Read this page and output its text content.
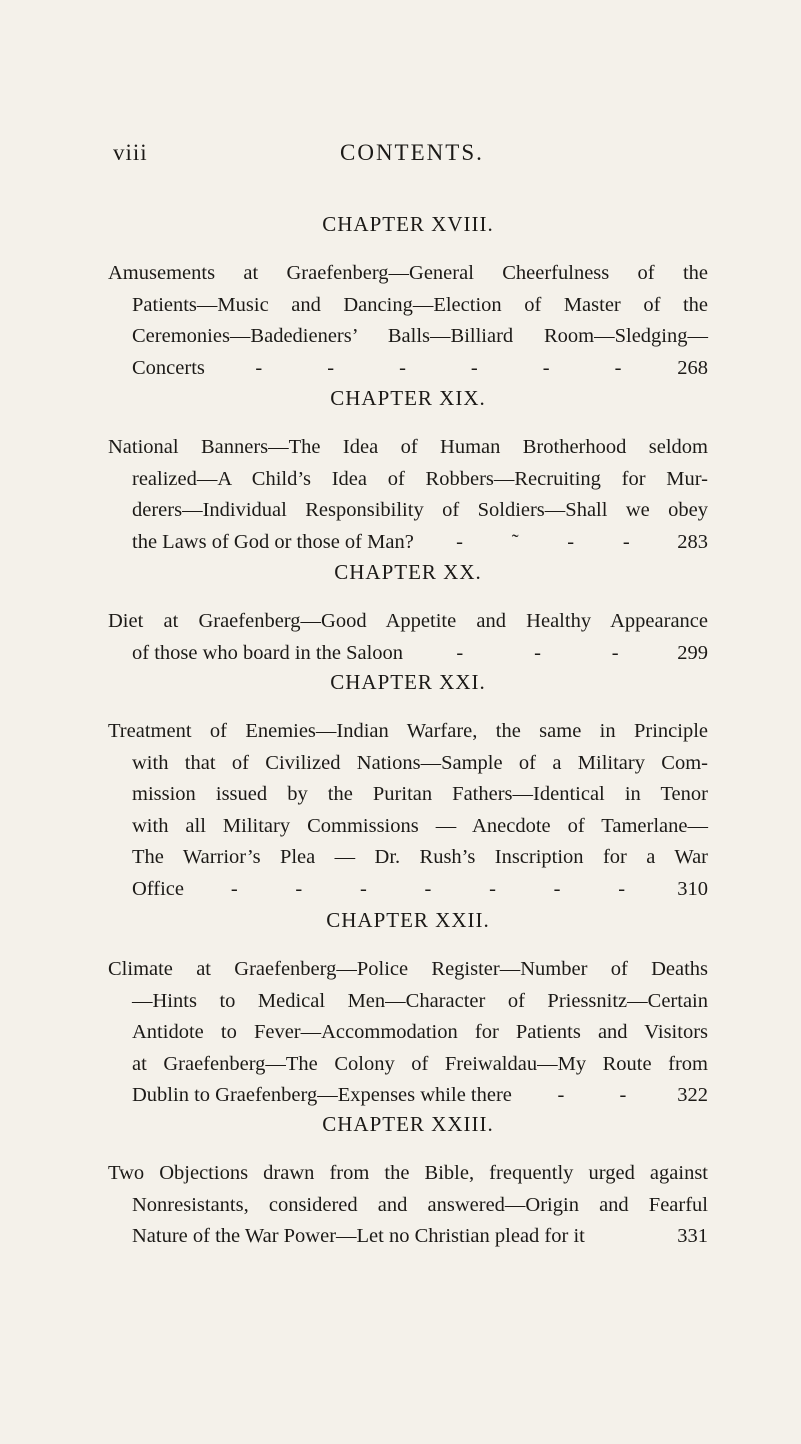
viii	CONTENTS.
CHAPTER XVIII.
Amusements at Graefenberg—General Cheerfulness of the
Patients—Music and Dancing—Election of Master of the
Ceremonies—Badedieners’ Balls—Billiard Room—Sledging—
Concerts -	-	-	-	-	-	268
CHAPTER XIX.
National Banners—The Idea of Human Brotherhood seldom
realized—A Child’s Idea of Robbers—Recruiting for Mur-
derers—Individual Responsibility of Soldiers—Shall we obey
the Laws of God or those of Man? - ˜ - - 283
CHAPTER XX.
Diet at Graefenberg—Good Appetite and Healthy Appearance
of those who board in the Saloon	-	-	-	299
CHAPTER XXI.
Treatment of Enemies—Indian Warfare, the same in Principle
with that of Civilized Nations—Sample of a Military Com-
mission issued by the Puritan Fathers—Identical in Tenor
with all Military Commissions — Anecdote of Tamerlane—
The Warrior’s Plea — Dr. Rush’s Inscription for a War
Office -	-	-	-	-	-	-	310
CHAPTER XXII.
Climate at Graefenberg—Police Register—Number of Deaths
—Hints to Medical Men—Character of Priessnitz—Certain
Antidote to Fever—Accommodation for Patients and Visitors
at Graefenberg—The Colony of Freiwaldau—My Route from
Dublin to Graefenberg—Expenses while there -	- 322
CHAPTER XXIII.
Two Objections drawn from the Bible, frequently urged against
Nonresistants, considered and answered—Origin and Fearful
Nature of the War Power—Let no Christian plead for it	331
